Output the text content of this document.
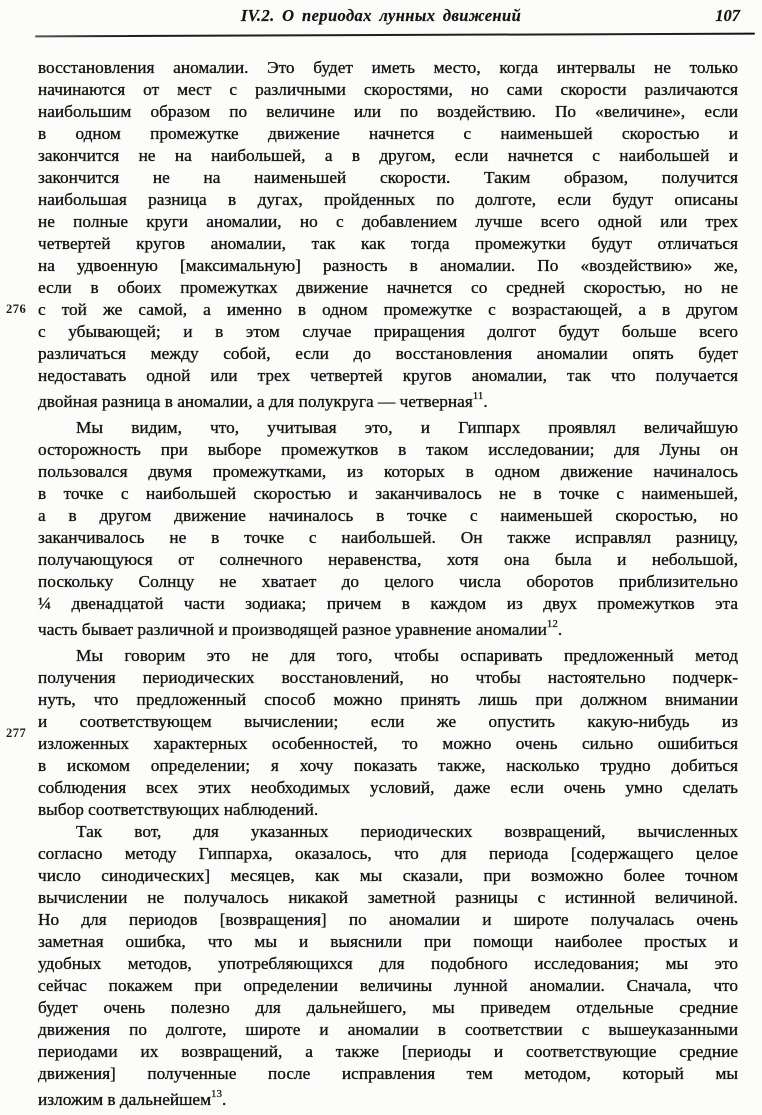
IV.2. О периодах лунных движений	107
276
277
восстановления аномалии. Это будет иметь место, когда интервалы не только
начинаются от мест с различными скоростями, но сами скорости различаются
наибольшим образом по величине или по воздействию. По «величине», если
в одном промежутке движение начнется с наименьшей скоростью и
закончится не на наибольшей, а в другом, если начнется с наибольшей и
закончится не на наименьшей скорости. Таким образом, получится
наибольшая разница в дугах, пройденных по долготе, если будут описаны
не полные круги аномалии, но с добавлением лучше всего одной или трех
четвертей кругов аномалии, так как тогда промежутки будут отличаться
на удвоенную [максимальную] разность в аномалии. По «воздействию» же,
если в обоих промежутках движение начнется со средней скоростью, но не
с той же самой, а именно в одном промежутке с возрастающей, а в другом
с убывающей; и в этом случае приращения долгот будут больше всего
различаться между собой, если до восстановления аномалии опять будет
недоставать одной или трех четвертей кругов аномалии, так что получается
двойная разница в аномалии, а для полукруга — четверная$^{11}$.
Мы видим, что, учитывая это, и Гиппарх проявлял величайшую
осторожность при выборе промежутков в таком исследовании; для Луны он
пользовался двумя промежутками, из которых в одном движение начиналось
в точке с наибольшей скоростью и заканчивалось не в точке с наименьшей,
а в другом движение начиналось в точке с наименьшей скоростью, но
заканчивалось не в точке с наибольшей. Он также исправлял разницу,
получающуюся от солнечного неравенства, хотя она была и небольшой,
поскольку Солнцу не хватает до целого числа оборотов приблизительно
¼ двенадцатой части зодиака; причем в каждом из двух промежутков эта
часть бывает различной и производящей разное уравнение аномалии$^{12}$.
Мы говорим это не для того, чтобы оспаривать предложенный метод
получения периодических восстановлений, но чтобы настоятельно подчерк-
нуть, что предложенный способ можно принять лишь при должном внимании
и соответствующем вычислении; если же опустить какую-нибудь из
изложенных характерных особенностей, то можно очень сильно ошибиться
в искомом определении; я хочу показать также, насколько трудно добиться
соблюдения всех этих необходимых условий, даже если очень умно сделать
выбор соответствующих наблюдений.
Так вот, для указанных периодических возвращений, вычисленных
согласно методу Гиппарха, оказалось, что для периода [содержащего целое
число синодических] месяцев, как мы сказали, при возможно более точном
вычислении не получалось никакой заметной разницы с истинной величиной.
Но для периодов [возвращения] по аномалии и широте получалась очень
заметная ошибка, что мы и выяснили при помощи наиболее простых и
удобных методов, употребляющихся для подобного исследования; мы это
сейчас покажем при определении величины лунной аномалии. Сначала, что
будет очень полезно для дальнейшего, мы приведем отдельные средние
движения по долготе, широте и аномалии в соответствии с вышеуказанными
периодами их возвращений, а также [периоды и соответствующие средние
движения] полученные после исправления тем методом, который мы
изложим в дальнейшем$^{13}$.
